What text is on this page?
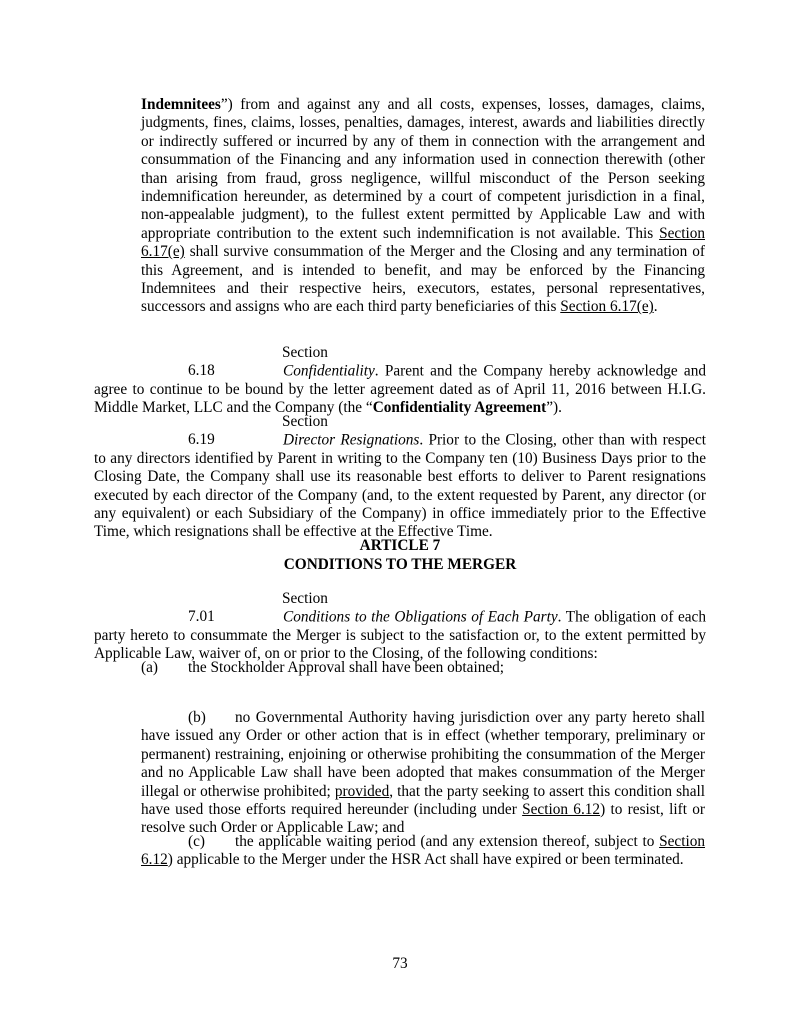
Indemnitees”) from and against any and all costs, expenses, losses, damages, claims, judgments, fines, claims, losses, penalties, damages, interest, awards and liabilities directly or indirectly suffered or incurred by any of them in connection with the arrangement and consummation of the Financing and any information used in connection therewith (other than arising from fraud, gross negligence, willful misconduct of the Person seeking indemnification hereunder, as determined by a court of competent jurisdiction in a final, non-appealable judgment), to the fullest extent permitted by Applicable Law and with appropriate contribution to the extent such indemnification is not available. This Section 6.17(e) shall survive consummation of the Merger and the Closing and any termination of this Agreement, and is intended to benefit, and may be enforced by the Financing Indemnitees and their respective heirs, executors, estates, personal representatives, successors and assigns who are each third party beneficiaries of this Section 6.17(e).

Section 6.18	Confidentiality. Parent and the Company hereby acknowledge and agree to continue to be bound by the letter agreement dated as of April 11, 2016 between H.I.G. Middle Market, LLC and the Company (the “Confidentiality Agreement”).

Section 6.19	Director Resignations. Prior to the Closing, other than with respect to any directors identified by Parent in writing to the Company ten (10) Business Days prior to the Closing Date, the Company shall use its reasonable best efforts to deliver to Parent resignations executed by each director of the Company (and, to the extent requested by Parent, any director (or any equivalent) or each Subsidiary of the Company) in office immediately prior to the Effective Time, which resignations shall be effective at the Effective Time.

ARTICLE 7

CONDITIONS TO THE MERGER

Section 7.01	Conditions to the Obligations of Each Party. The obligation of each party hereto to consummate the Merger is subject to the satisfaction or, to the extent permitted by Applicable Law, waiver of, on or prior to the Closing, of the following conditions:

(a) the Stockholder Approval shall have been obtained;

(b) no Governmental Authority having jurisdiction over any party hereto shall have issued any Order or other action that is in effect (whether temporary, preliminary or permanent) restraining, enjoining or otherwise prohibiting the consummation of the Merger and no Applicable Law shall have been adopted that makes consummation of the Merger illegal or otherwise prohibited; provided, that the party seeking to assert this condition shall have used those efforts required hereunder (including under Section 6.12) to resist, lift or resolve such Order or Applicable Law; and

(c) the applicable waiting period (and any extension thereof, subject to Section 6.12) applicable to the Merger under the HSR Act shall have expired or been terminated.

73
